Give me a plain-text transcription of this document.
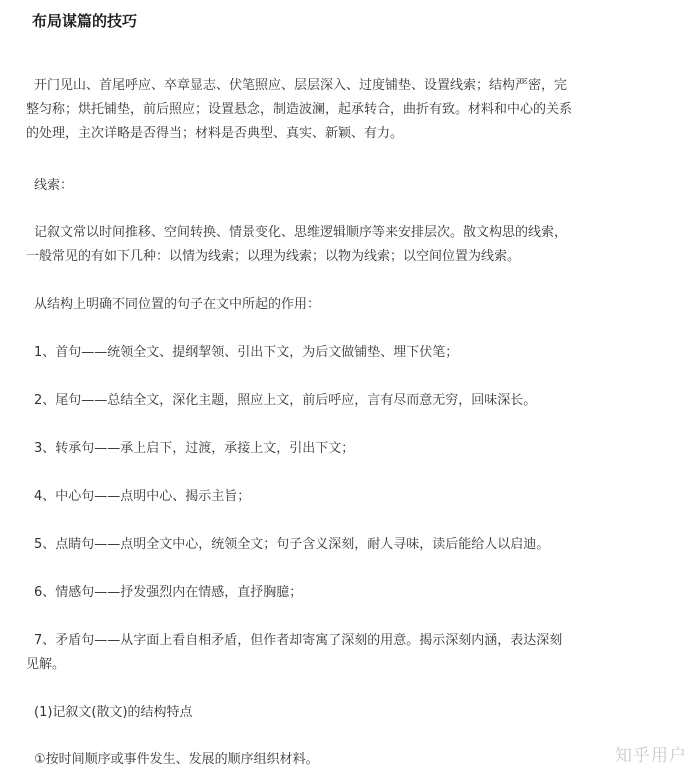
布局谋篇的技巧
开门见山、首尾呼应、卒章显志、伏笔照应、层层深入、过度铺垫、设置线索；结构严密，完
整匀称；烘托铺垫，前后照应；设置悬念，制造波澜，起承转合，曲折有致。材料和中心的关系
的处理，主次详略是否得当；材料是否典型、真实、新颖、有力。
线索：
记叙文常以时间推移、空间转换、情景变化、思维逻辑顺序等来安排层次。散文构思的线索，
一般常见的有如下几种：以情为线索；以理为线索；以物为线索；以空间位置为线索。
从结构上明确不同位置的句子在文中所起的作用：
1、首句——统领全文、提纲挈领、引出下文，为后文做铺垫、埋下伏笔；
2、尾句——总结全文，深化主题，照应上文，前后呼应，言有尽而意无穷，回味深长。
3、转承句——承上启下，过渡，承接上文，引出下文；
4、中心句——点明中心、揭示主旨；
5、点睛句——点明全文中心，统领全文；句子含义深刻，耐人寻味，读后能给人以启迪。
6、情感句——抒发强烈内在情感，直抒胸臆；
7、矛盾句——从字面上看自相矛盾，但作者却寄寓了深刻的用意。揭示深刻内涵，表达深刻
见解。
(1)记叙文(散文)的结构特点
①按时间顺序或事件发生、发展的顺序组织材料。	知乎用户
